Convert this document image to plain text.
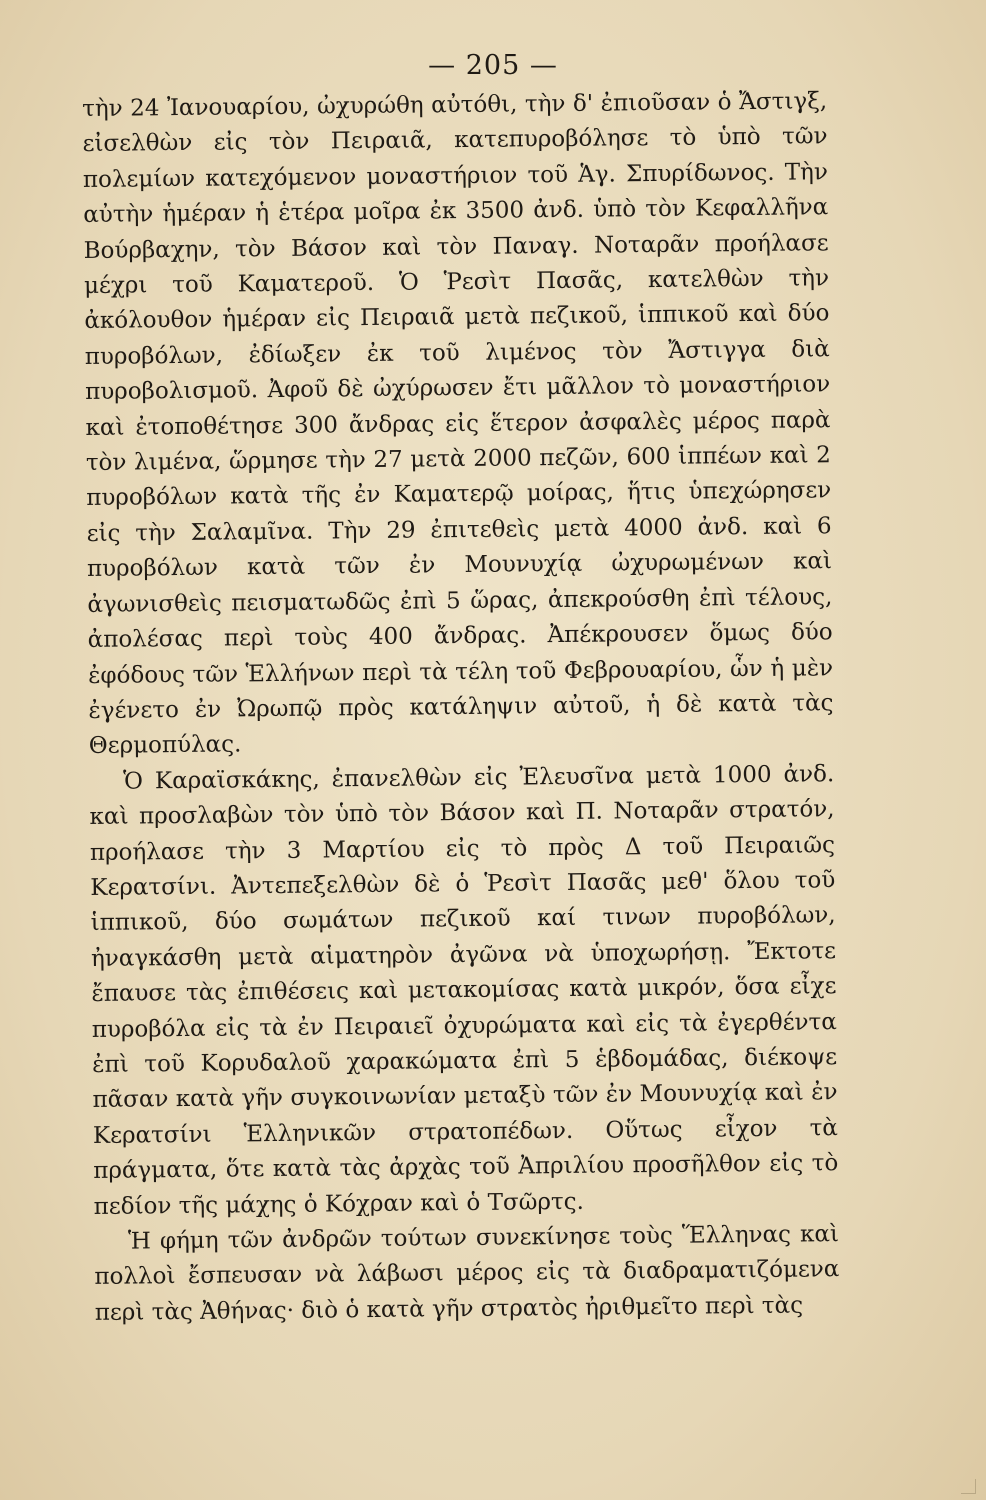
— 205 —

τὴν 24 Ἰανουαρίου, ὠχυρώθη αὐτόθι, τὴν δ' ἐπιοῦσαν ὁ Ἄστιγξ, εἰσελθὼν εἰς τὸν Πειραιᾶ, κατεπυροβόλησε τὸ ὑπὸ τῶν πολεμίων κατεχόμενον μοναστήριον τοῦ Ἁγ. Σπυρίδωνος. Τὴν αὐτὴν ἡμέραν ἡ ἑτέρα μοῖρα ἐκ 3500 ἀνδ. ὑπὸ τὸν Κεφαλλῆνα Βούρβαχην, τὸν Βάσον καὶ τὸν Παναγ. Νοταρᾶν προήλασε μέχρι τοῦ Καματεροῦ. Ὁ Ῥεσὶτ Πασᾶς, κατελθὼν τὴν ἀκόλουθον ἡμέραν εἰς Πειραιᾶ μετὰ πεζικοῦ, ἱππικοῦ καὶ δύο πυροβόλων, ἐδίωξεν ἐκ τοῦ λιμένος τὸν Ἄστιγγα διὰ πυροβολισμοῦ. Ἀφοῦ δὲ ὠχύρωσεν ἔτι μᾶλλον τὸ μοναστήριον καὶ ἐτοποθέτησε 300 ἄνδρας εἰς ἕτερον ἀσφαλὲς μέρος παρὰ τὸν λιμένα, ὥρμησε τὴν 27 μετὰ 2000 πεζῶν, 600 ἱππέων καὶ 2 πυροβόλων κατὰ τῆς ἐν Καματερῷ μοίρας, ἥτις ὑπεχώρησεν εἰς τὴν Σαλαμῖνα. Τὴν 29 ἐπιτεθεὶς μετὰ 4000 ἀνδ. καὶ 6 πυροβόλων κατὰ τῶν ἐν Μουνυχίᾳ ὠχυρωμένων καὶ ἀγωνισθεὶς πεισματωδῶς ἐπὶ 5 ὥρας, ἀπεκρούσθη ἐπὶ τέλους, ἀπολέσας περὶ τοὺς 400 ἄνδρας. Ἀπέκρουσεν ὅμως δύο ἐφόδους τῶν Ἑλλήνων περὶ τὰ τέλη τοῦ Φεβρουαρίου, ὧν ἡ μὲν ἐγένετο ἐν Ὠρωπῷ πρὸς κατάληψιν αὐτοῦ, ἡ δὲ κατὰ τὰς Θερμοπύλας.

Ὁ Καραϊσκάκης, ἐπανελθὼν εἰς Ἐλευσῖνα μετὰ 1000 ἀνδ. καὶ προσλαβὼν τὸν ὑπὸ τὸν Βάσον καὶ Π. Νοταρᾶν στρατόν, προήλασε τὴν 3 Μαρτίου εἰς τὸ πρὸς Δ τοῦ Πειραιῶς Κερατσίνι. Ἀντεπεξελθὼν δὲ ὁ Ῥεσὶτ Πασᾶς μεθ' ὅλου τοῦ ἱππικοῦ, δύο σωμάτων πεζικοῦ καί τινων πυροβόλων, ἠναγκάσθη μετὰ αἱματηρὸν ἀγῶνα νὰ ὑποχωρήσῃ. Ἔκτοτε ἔπαυσε τὰς ἐπιθέσεις καὶ μετακομίσας κατὰ μικρόν, ὅσα εἶχε πυροβόλα εἰς τὰ ἐν Πειραιεῖ ὀχυρώματα καὶ εἰς τὰ ἐγερθέντα ἐπὶ τοῦ Κορυδαλοῦ χαρακώματα ἐπὶ 5 ἑβδομάδας, διέκοψε πᾶσαν κατὰ γῆν συγκοινωνίαν μεταξὺ τῶν ἐν Μουνυχίᾳ καὶ ἐν Κερατσίνι Ἑλληνικῶν στρατοπέδων. Οὕτως εἶχον τὰ πράγματα, ὅτε κατὰ τὰς ἀρχὰς τοῦ Ἀπριλίου προσῆλθον εἰς τὸ πεδίον τῆς μάχης ὁ Κόχραν καὶ ὁ Τσῶρτς.

Ἡ φήμη τῶν ἀνδρῶν τούτων συνεκίνησε τοὺς Ἕλληνας καὶ πολλοὶ ἔσπευσαν νὰ λάβωσι μέρος εἰς τὰ διαδραματιζόμενα περὶ τὰς Ἀθήνας· διὸ ὁ κατὰ γῆν στρατὸς ἠριθμεῖτο περὶ τὰς
